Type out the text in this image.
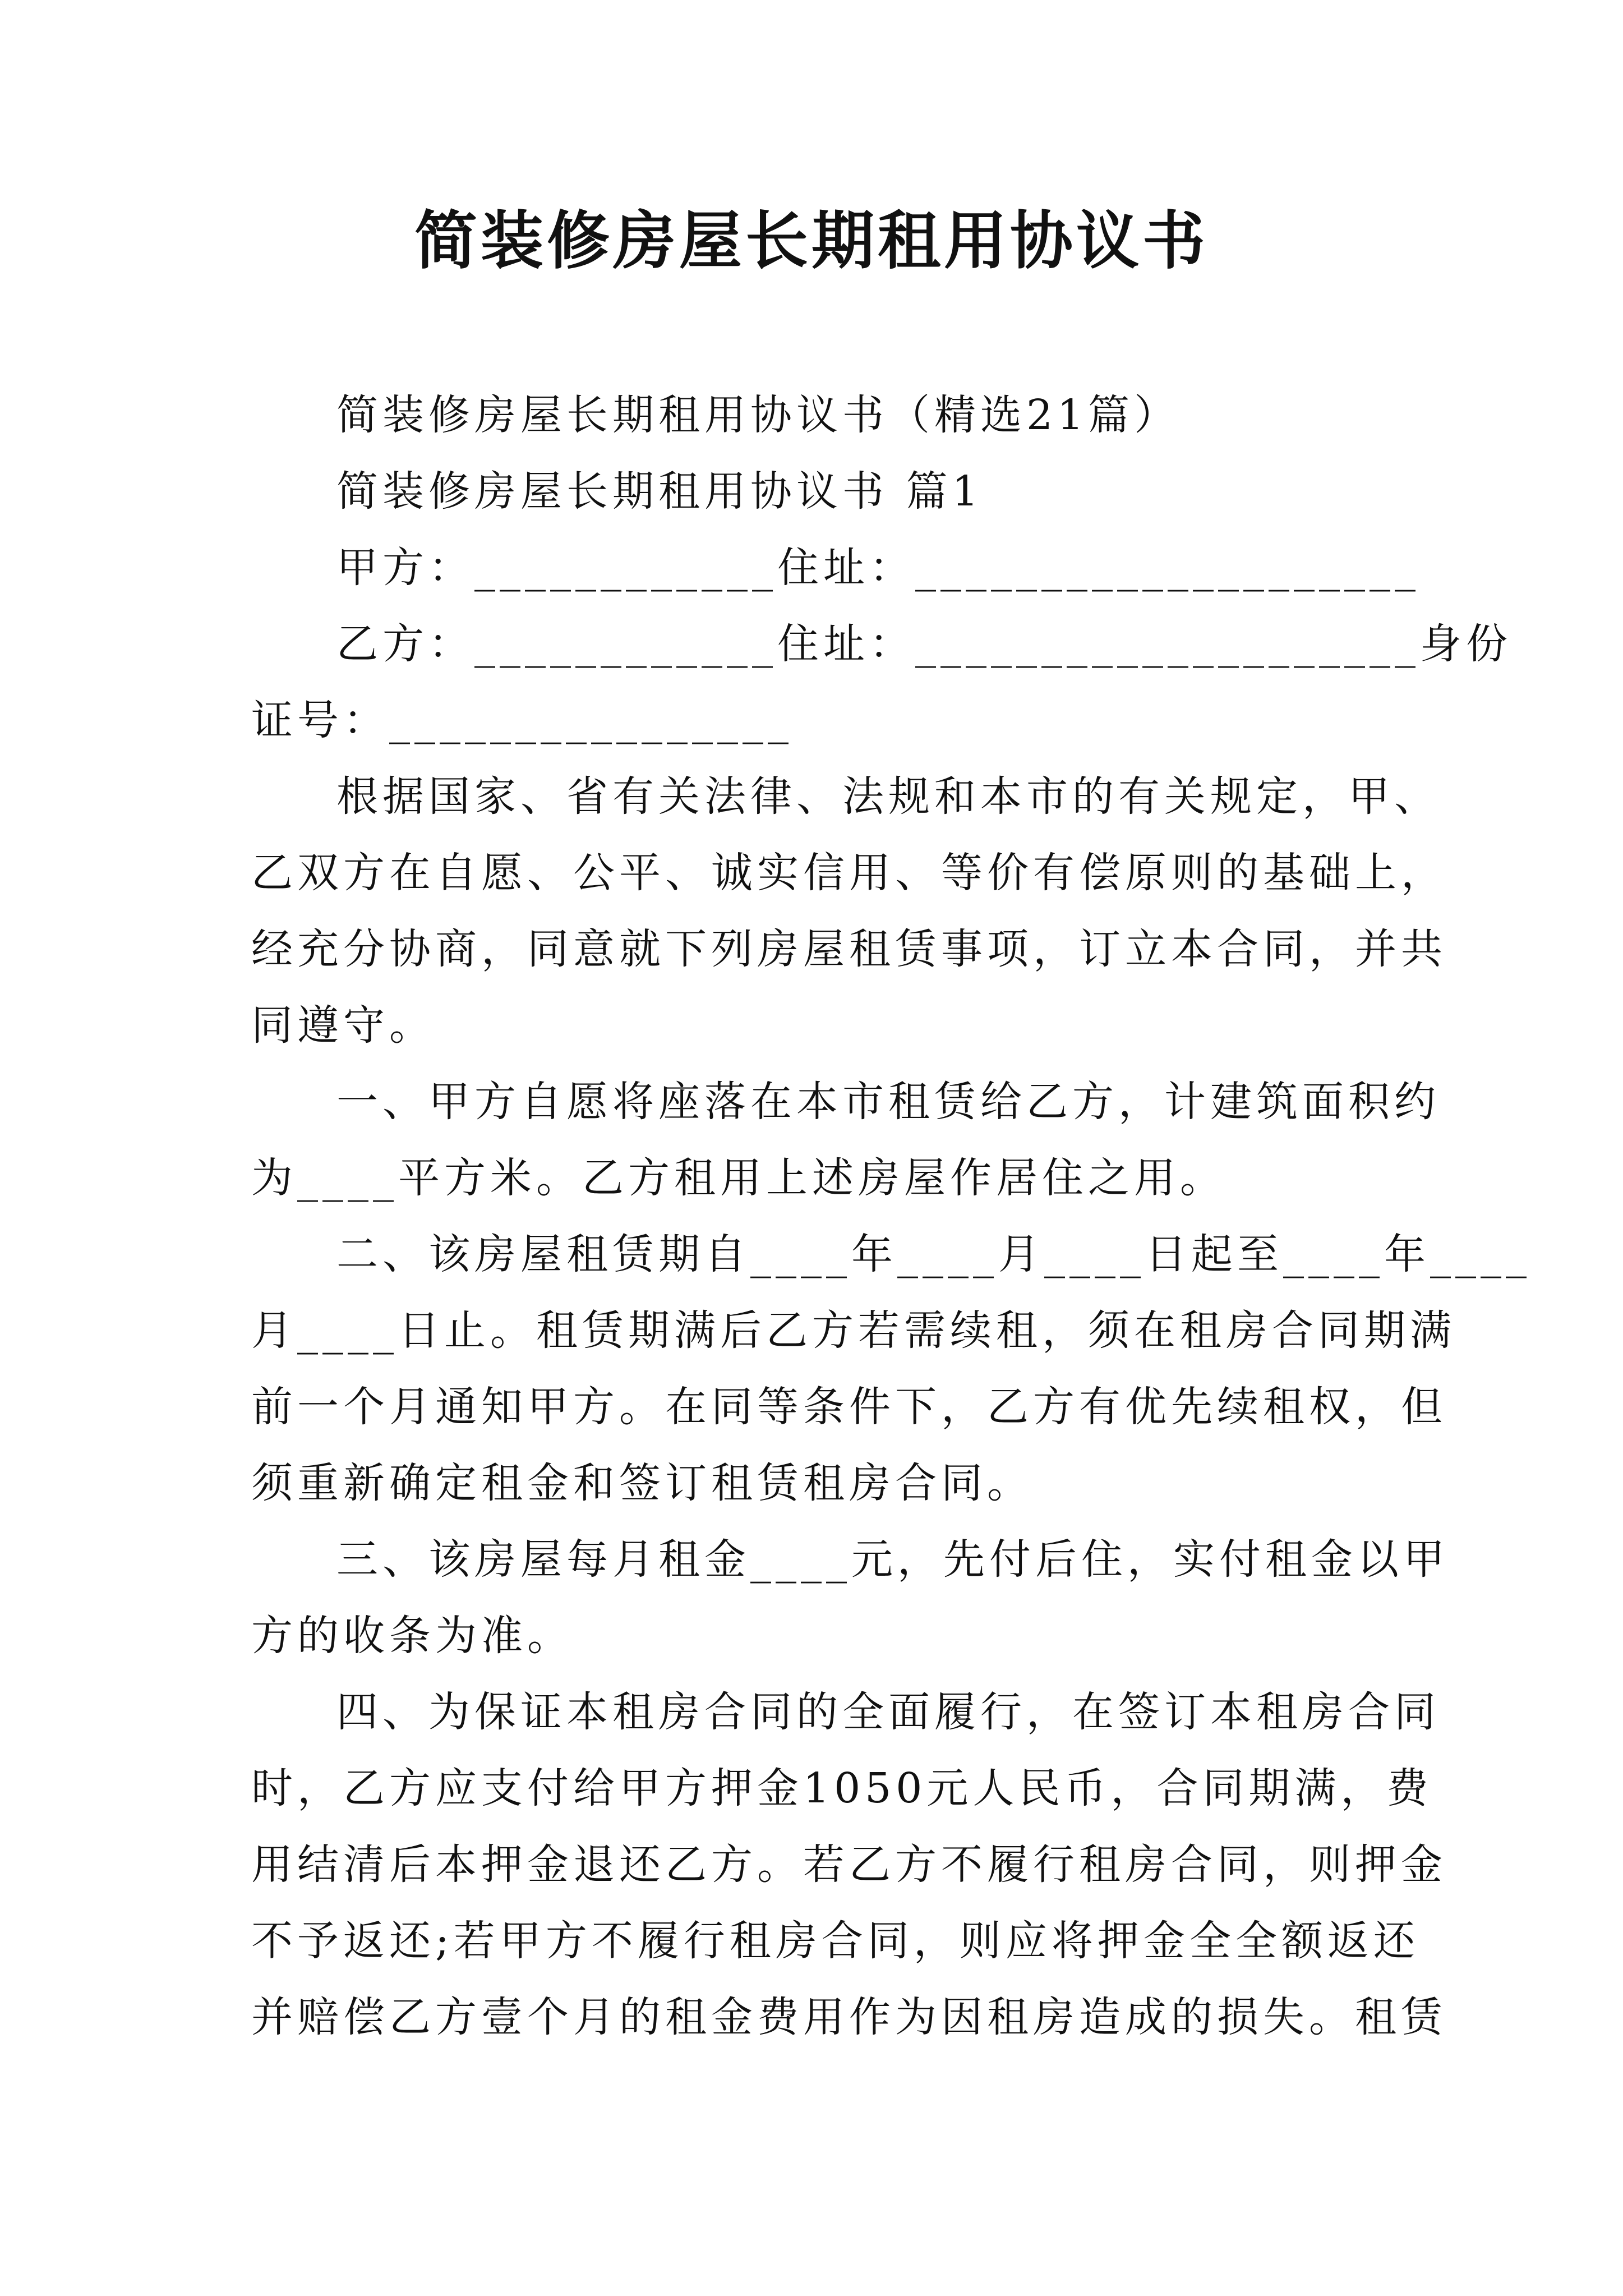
简装修房屋长期租用协议书
简装修房屋长期租用协议书（精选21篇）
简装修房屋长期租用协议书 篇1
甲方：____________住址：____________________
乙方：____________住址：____________________身份
证号：________________
根据国家、省有关法律、法规和本市的有关规定，甲、
乙双方在自愿、公平、诚实信用、等价有偿原则的基础上，
经充分协商，同意就下列房屋租赁事项，订立本合同，并共
同遵守。
一、甲方自愿将座落在本市租赁给乙方，计建筑面积约
为____平方米。乙方租用上述房屋作居住之用。
二、该房屋租赁期自____年____月____日起至____年____
月____日止。租赁期满后乙方若需续租，须在租房合同期满
前一个月通知甲方。在同等条件下，乙方有优先续租权，但
须重新确定租金和签订租赁租房合同。
三、该房屋每月租金____元，先付后住，实付租金以甲
方的收条为准。
四、为保证本租房合同的全面履行，在签订本租房合同
时，乙方应支付给甲方押金1050元人民币，合同期满，费
用结清后本押金退还乙方。若乙方不履行租房合同，则押金
不予返还;若甲方不履行租房合同，则应将押金全全额返还
并赔偿乙方壹个月的租金费用作为因租房造成的损失。租赁
